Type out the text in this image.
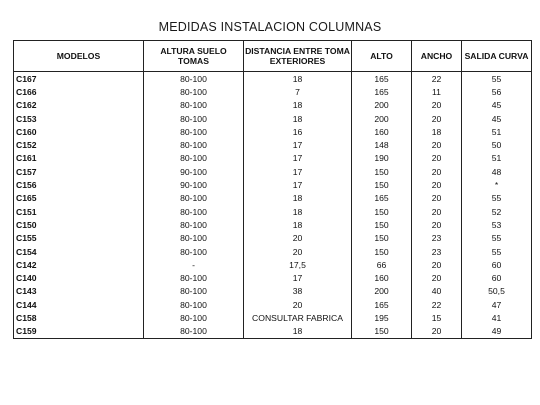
MEDIDAS INSTALACION COLUMNAS
MODELOS	ALTURA SUELO TOMAS	DISTANCIA ENTRE TOMA EXTERIORES	ALTO	ANCHO	SALIDA CURVA
C167	80-100	18	165	22	55
C166	80-100	7	165	11	56
C162	80-100	18	200	20	45
C153	80-100	18	200	20	45
C160	80-100	16	160	18	51
C152	80-100	17	148	20	50
C161	80-100	17	190	20	51
C157	90-100	17	150	20	48
C156	90-100	17	150	20	*
C165	80-100	18	165	20	55
C151	80-100	18	150	20	52
C150	80-100	18	150	20	53
C155	80-100	20	150	23	55
C154	80-100	20	150	23	55
C142	-	17,5	66	20	60
C140	80-100	17	160	20	60
C143	80-100	38	200	40	50,5
C144	80-100	20	165	22	47
C158	80-100	CONSULTAR FABRICA	195	15	41
C159	80-100	18	150	20	49
